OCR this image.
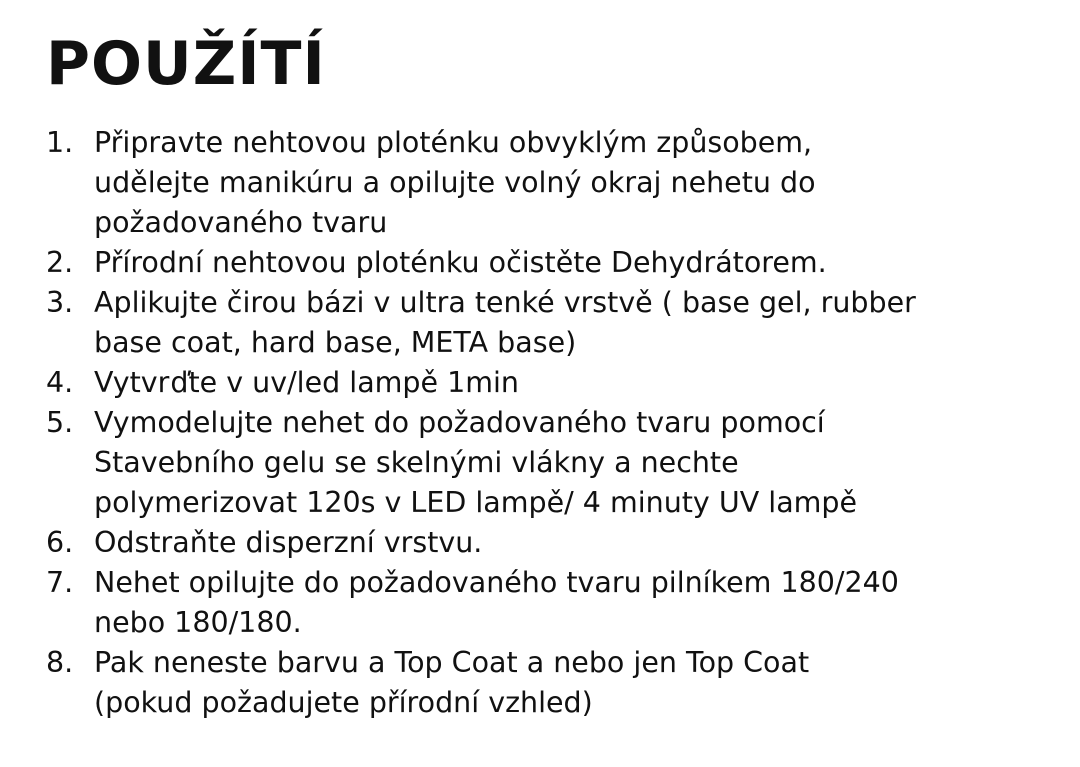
POUŽÍTÍ
1. Připravte nehtovou ploténku obvyklým způsobem,
udělejte manikúru a opilujte volný okraj nehetu do
požadovaného tvaru
2. Přírodní nehtovou ploténku očistěte Dehydrátorem.
3. Aplikujte čirou bázi v ultra tenké vrstvě ( base gel, rubber
base coat, hard base, META base)
4. Vytvrďte v uv/led lampě 1min
5. Vymodelujte nehet do požadovaného tvaru pomocí
Stavebního gelu se skelnými vlákny a nechte
polymerizovat 120s v LED lampě/ 4 minuty UV lampě
6. Odstraňte disperzní vrstvu.
7. Nehet opilujte do požadovaného tvaru pilníkem 180/240
nebo 180/180.
8. Pak neneste barvu a Top Coat a nebo jen Top Coat
(pokud požadujete přírodní vzhled)
